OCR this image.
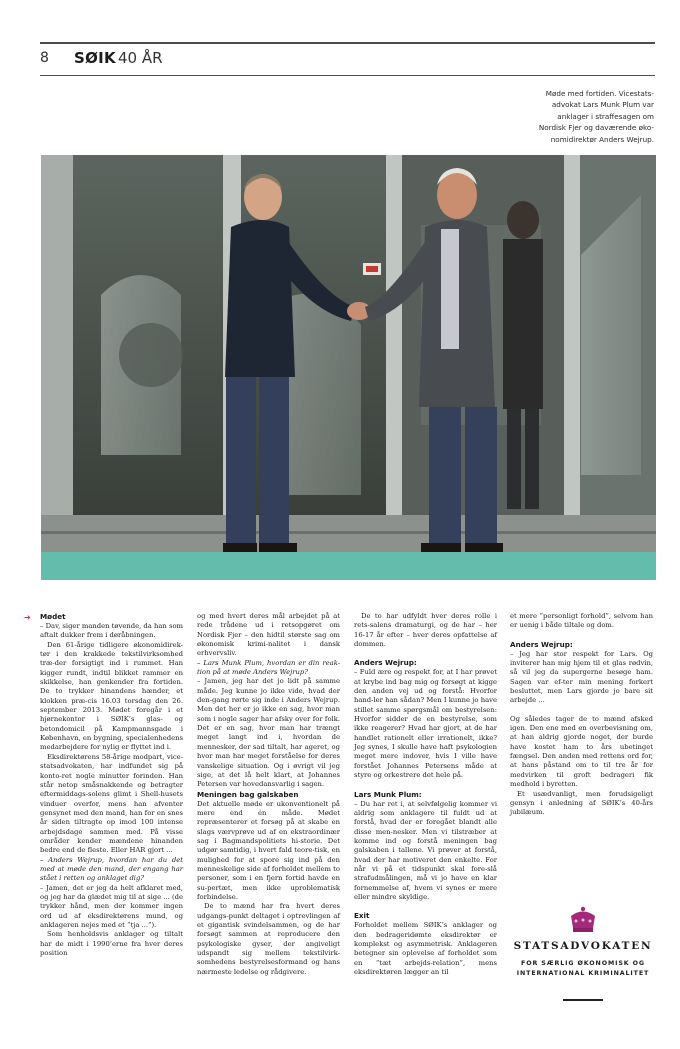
8 SØIK 40 ÅR
Møde med fortiden. Vicestats-
advokat Lars Munk Plum var
anklager i straffesagen om
Nordisk Fjer og daværende øko-
nomidirektør Anders Wejrup.
➔ Mødet

– Dav, siger manden tøvende, da han som aftalt dukker frem i døråbningen.

Den 61-årige tidligere økonomidirek-tør i den krakkede tekstilvirksomhed træ-der forsigtigt ind i rummet. Han kigger rundt, indtil blikket rammer en skikkelse, han genkender fra fortiden. De to trykker hinandens hænder, et klokken præ-cis 16.03 torsdag den 26. september 2013. Mødet foregår i et hjørnekontor i SØIK’s glas- og betondomicil på Kampmannsgade i København, en bygning, specialenhedens medarbejdere for nylig er flyttet ind i.

Eksdirektørens 58-årige modpart, vice-statsadvokaten, har indfundet sig på konto-ret nogle minutter forinden. Han står netop småsnakkende og betragter eftermiddags-solens glimt i Shell-husets vinduer overfor, mens han afventer gensynet med den mand, han for en snes år siden tiltragte op imod 100 intense arbejdsdage sammen med. På visse områder kender mændene hinanden bedre end de fleste. Eller HAR gjort ...

– Anders Wejrup, hvordan har du det med at møde den mand, der engang har stået i retten og anklaget dig?

– Jamen, det er jeg da helt afklaret med, og jeg har da glædet mig til at sige ... (de trykker hånd, men der kommer ingen ord ud af eksdirektørens mund, og anklageren nejes med et “tja ...”).

Som henholdsvis anklager og tiltalt har de midt i 1990’erne fra hver deres position

og med hvert deres mål arbejdet på at rede trådene ud i retsopgøret om Nordisk Fjer – den hidtil største sag om økonomisk krimi-nalitet i dansk erhvervsliv.

– Lars Munk Plum, hvordan er din reak-tion på at møde Anders Wejrup?

– Jamen, jeg har det jo lidt på samme måde. Jeg kunne jo ikke vide, hvad der den-gang rørte sig inde i Anders Wejrup. Men det her er jo ikke en sag, hvor man som i nogle sager har afsky over for folk. Det er en sag, hvor man har trængt meget langt ind i, hvordan de mennesker, der sad tiltalt, har ageret, og hvor man har meget forståelse for deres vanskelige situation. Og i øvrigt vil jeg sige, at det lå helt klart, at Johannes Petersen var hovedansvarlig i sagen.

Meningen bag galskaben

Det aktuelle møde er ukonventionelt på mere end én måde. Mødet repræsenterer et forsøg på at skabe en slags værvprøve ud af en ekstraordinær sag i Bagmandspolitiets hi-storie. Det udgør samtidig, i hvert fald teore-tisk, en mulighed for at spore sig ind på den menneskelige side af forholdet mellem to personer, som i en fjern fortid havde en su-pertæt, men ikke uproblematisk forbindelse.

De to mænd har fra hvert deres udgangs-punkt deltaget i optrevlingen af et gigantisk svindelsammen, og de har forsøgt sammen at reproducere den psykologiske gyser, der angiveligt udspandt sig mellem tekstilvirk-somhedens bestyrelsesformand og hans nærmeste ledelse og rådgivere.

De to har udfyldt hver deres rolle i rets-salens dramaturgi, og de har – her 16-17 år efter – hver deres opfattelse af dommen.

Anders Wejrup:

– Fuld ære og respekt for, at I har prøvet at krybe ind bag mig og forsøgt at kigge den anden vej ud og forstå: Hvorfor hand-ler han sådan? Men I kunne jo have stillet samme spørgsmål om bestyrelsen: Hvorfor sidder de en bestyrelse, som ikke reagerer? Hvad har gjort, at de har handlet rationelt eller irrationelt, ikke? Jeg synes, I skulle have haft psykologien meget mere indover, hvis I ville have forstået Johannes Petersens måde at styre og orkestrere det hele på.

Lars Munk Plum:

– Du har ret i, at selvfølgelig kommer vi aldrig som anklagere til fuldt ud at forstå, hvad der er foregået blandt alle disse men-nesker. Men vi tilstræber at komme ind og forstå meningen bag galskaben i tallene. Vi prøver at forstå, hvad der har motiveret den enkelte. For når vi på et tidspunkt skal fore-slå strafudmålingen, må vi jo have en klar fornemmelse af, hvem vi synes er mere eller mindre skyldige.

Exit

Forholdet mellem SØIK’s anklager og den bedrageridømte eksdirektør er komplekst og asymmetrisk. Anklageren betegner sin oplevelse af forholdet som en “tæt arbejds-relation”, mens eksdirektøren lægger an til

et mere “personligt forhold”, selvom han er uenig i både tiltale og dom.

Anders Wejrup:

– Jeg har stor respekt for Lars. Og inviterer han mig hjem til et glas rødvin, så vil jeg da supergerne besøge ham. Sagen var ef-ter min mening forkert besluttet, men Lars gjorde jo bare sit arbejde ...

Og således tager de to mænd afsked igen. Den ene med en overbevisning om, at han aldrig gjorde noget, der burde have kostet ham to års ubetinget fængsel. Den anden med rettens ord for, at hans påstand om to til tre år for medvirken til groft bedrageri fik medhold i byretten.

Et usædvanligt, men forudsigeligt gensyn i anledning af SØIK’s 40-års jubilæum.

STATSADVOKATEN
FOR SÆRLIG ØKONOMISK OG
INTERNATIONAL KRIMINALITET
